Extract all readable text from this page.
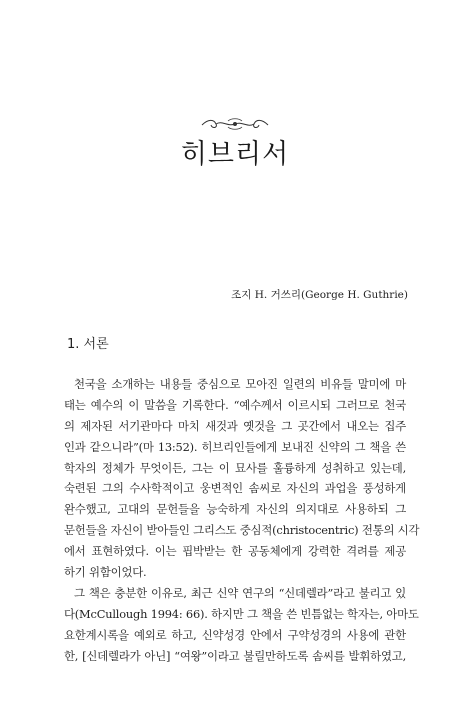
히브리서
조지 H. 거쓰리(George H. Guthrie)
1. 서론
천국을 소개하는 내용들 중심으로 모아진 일련의 비유들 말미에 마
태는 예수의 이 말씀을 기록한다. “예수께서 이르시되 그러므로 천국
의 제자된 서기관마다 마치 새것과 옛것을 그 곳간에서 내오는 집주
인과 같으니라”(마 13:52). 히브리인들에게 보내진 신약의 그 책을 쓴
학자의 정체가 무엇이든, 그는 이 묘사를 훌륭하게 성취하고 있는데,
숙련된 그의 수사학적이고 웅변적인 솜씨로 자신의 과업을 풍성하게
완수했고, 고대의 문헌들을 능숙하게 자신의 의지대로 사용하되 그
문헌들을 자신이 받아들인 그리스도 중심적(christocentric) 전통의 시각
에서 표현하였다. 이는 핍박받는 한 공동체에게 강력한 격려를 제공
하기 위함이었다.
그 책은 충분한 이유로, 최근 신약 연구의 “신데렐라”라고 불리고 있
다(McCullough 1994: 66). 하지만 그 책을 쓴 빈틈없는 학자는, 아마도
요한계시록을 예외로 하고, 신약성경 안에서 구약성경의 사용에 관한
한, [신데렐라가 아닌] “여왕”이라고 불릴만하도록 솜씨를 발휘하였고,
